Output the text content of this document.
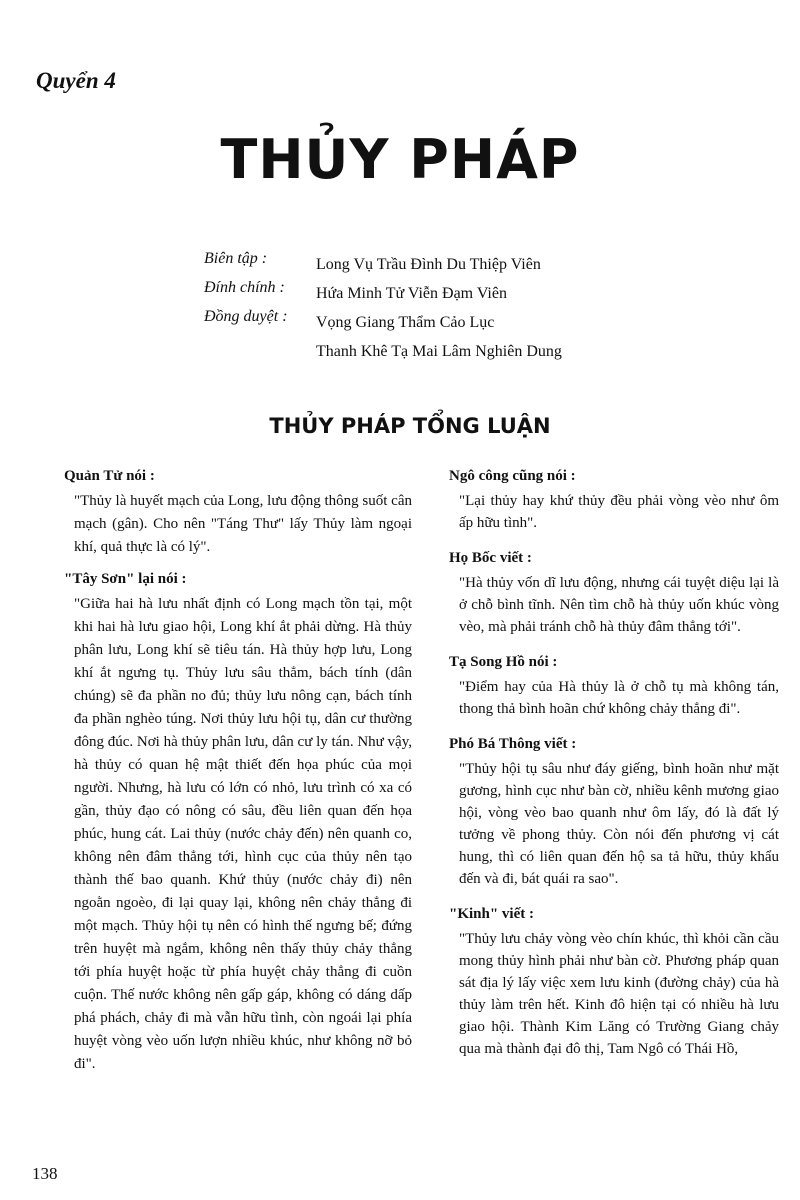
Quyển 4
THỦY PHÁP
Biên tập :	Long Vụ Trầu Đình Du Thiệp Viên
Đính chính :	Hứa Minh Tử Viễn Đạm Viên
Đồng duyệt :	Vọng Giang Thẩm Cảo Lục
Thanh Khê Tạ Mai Lâm Nghiên Dung
THỦY PHÁP TỔNG LUẬN
Quản Tử nói :
"Thủy là huyết mạch của Long, lưu động thông suốt cân mạch (gân). Cho nên "Táng Thư" lấy Thủy làm ngoại khí, quả thực là có lý".
"Tây Sơn" lại nói :
"Giữa hai hà lưu nhất định có Long mạch tồn tại, một khi hai hà lưu giao hội, Long khí ắt phải dừng. Hà thủy phân lưu, Long khí sẽ tiêu tán. Hà thủy hợp lưu, Long khí ắt ngưng tụ. Thủy lưu sâu thẳm, bách tính (dân chúng) sẽ đa phần no đủ; thủy lưu nông cạn, bách tính đa phần nghèo túng. Nơi thủy lưu hội tụ, dân cư thường đông đúc. Nơi hà thủy phân lưu, dân cư ly tán. Như vậy, hà thủy có quan hệ mật thiết đến họa phúc của mọi người. Nhưng, hà lưu có lớn có nhỏ, lưu trình có xa có gần, thủy đạo có nông có sâu, đều liên quan đến họa phúc, hung cát. Lai thủy (nước chảy đến) nên quanh co, không nên đâm thẳng tới, hình cục của thủy nên tạo thành thế bao quanh. Khứ thủy (nước chảy đi) nên ngoằn ngoèo, đi lại quay lại, không nên chảy thẳng đi một mạch. Thủy hội tụ nên có hình thế ngưng bế; đứng trên huyệt mà ngắm, không nên thấy thủy chảy thẳng tới phía huyệt hoặc từ phía huyệt chảy thẳng đi cuồn cuộn. Thế nước không nên gấp gáp, không có dáng dấp phá phách, chảy đi mà vẫn hữu tình, còn ngoái lại phía huyệt vòng vèo uốn lượn nhiều khúc, như không nỡ bỏ đi".
Ngô công cũng nói :
"Lại thủy hay khứ thủy đều phải vòng vèo như ôm ấp hữu tình".
Họ Bốc viết :
"Hà thủy vốn dĩ lưu động, nhưng cái tuyệt diệu lại là ở chỗ bình tĩnh. Nên tìm chỗ hà thủy uốn khúc vòng vèo, mà phải tránh chỗ hà thủy đâm thẳng tới".
Tạ Song Hồ nói :
"Điểm hay của Hà thủy là ở chỗ tụ mà không tán, thong thả bình hoãn chứ không chảy thẳng đi".
Phó Bá Thông viết :
"Thủy hội tụ sâu như đáy giếng, bình hoãn như mặt gương, hình cục như bàn cờ, nhiều kênh mương giao hội, vòng vèo bao quanh như ôm lấy, đó là đất lý tưởng về phong thủy. Còn nói đến phương vị cát hung, thì có liên quan đến hộ sa tả hữu, thủy khẩu đến và đi, bát quái ra sao".
"Kinh" viết :
"Thủy lưu chảy vòng vèo chín khúc, thì khỏi cần cầu mong thủy hình phải như bàn cờ. Phương pháp quan sát địa lý lấy việc xem lưu kinh (đường chảy) của hà thủy làm trên hết. Kinh đô hiện tại có nhiều hà lưu giao hội. Thành Kim Lăng có Trường Giang chảy qua mà thành đại đô thị, Tam Ngô có Thái Hồ,
138
